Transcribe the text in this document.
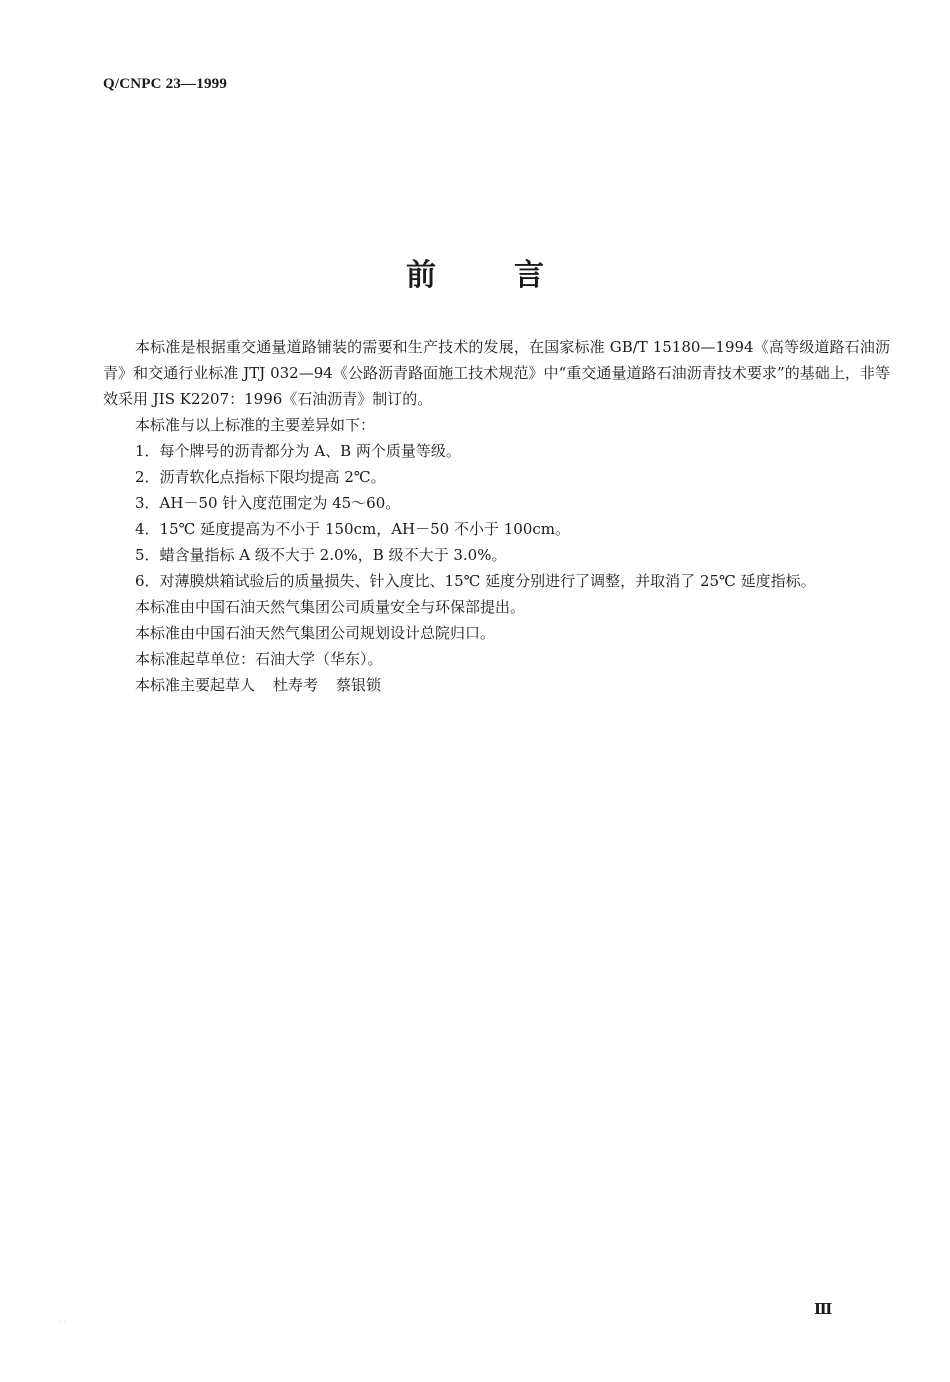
Q/CNPC 23—1999
前	言

本标准是根据重交通量道路铺装的需要和生产技术的发展，在国家标准 GB/T 15180—1994《高等级道路石油沥青》和交通行业标准 JTJ 032—94《公路沥青路面施工技术规范》中“重交通量道路石油沥青技术要求”的基础上，非等效采用 JIS K2207：1996《石油沥青》制订的。

本标准与以上标准的主要差异如下：

1．每个牌号的沥青都分为 A、B 两个质量等级。

2．沥青软化点指标下限均提高 2℃。

3．AH－50 针入度范围定为 45～60。

4．15℃ 延度提高为不小于 150cm，AH－50 不小于 100cm。

5．蜡含量指标 A 级不大于 2.0%，B 级不大于 3.0%。

6．对薄膜烘箱试验后的质量损失、针入度比、15℃ 延度分别进行了调整，并取消了 25℃ 延度指标。

本标准由中国石油天然气集团公司质量安全与环保部提出。

本标准由中国石油天然气集团公司规划设计总院归口。

本标准起草单位：石油大学（华东）。

本标准主要起草人 杜寿考 蔡银锁

· ·
Ⅲ
